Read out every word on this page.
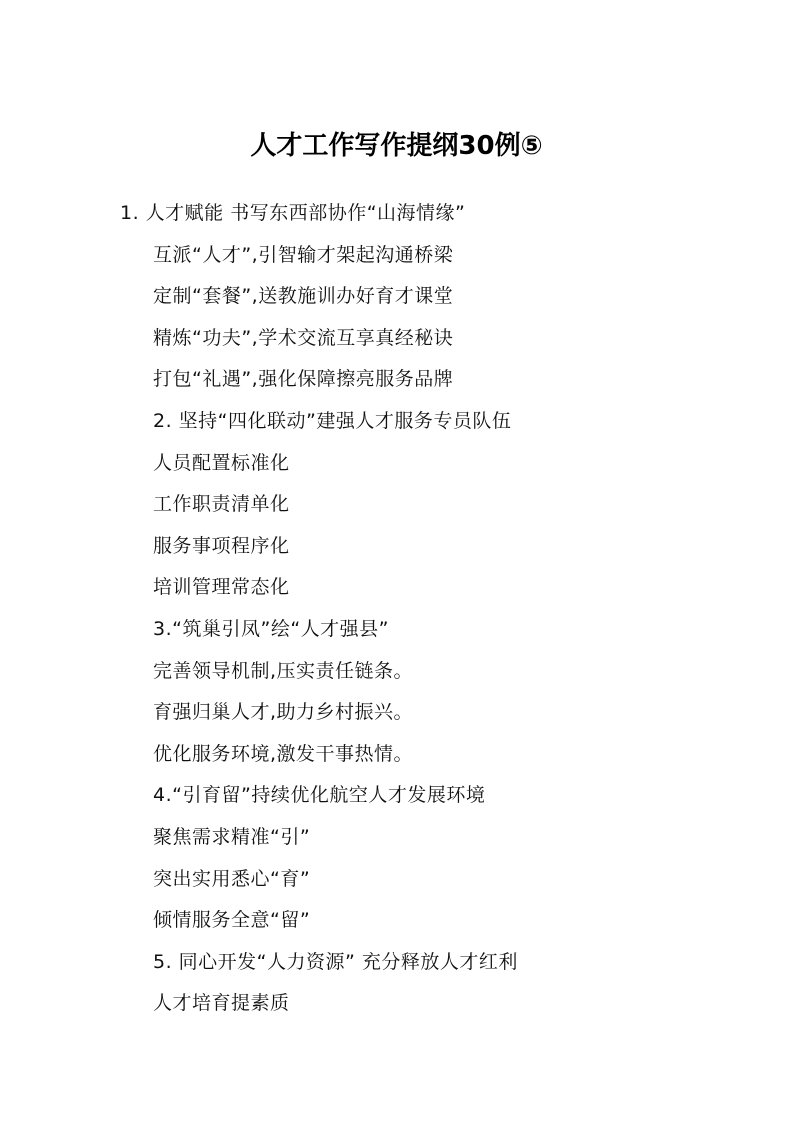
人才工作写作提纲30例⑤
1. 人才赋能 书写东西部协作“山海情缘”
互派“人才”,引智输才架起沟通桥梁
定制“套餐”,送教施训办好育才课堂
精炼“功夫”,学术交流互享真经秘诀
打包“礼遇”,强化保障擦亮服务品牌
2. 坚持“四化联动”建强人才服务专员队伍
人员配置标准化
工作职责清单化
服务事项程序化
培训管理常态化
3.“筑巢引凤”绘“人才强县”
完善领导机制,压实责任链条。
育强归巢人才,助力乡村振兴。
优化服务环境,激发干事热情。
4.“引育留”持续优化航空人才发展环境
聚焦需求精准“引”
突出实用悉心“育”
倾情服务全意“留”
5. 同心开发“人力资源” 充分释放人才红利
人才培育提素质
